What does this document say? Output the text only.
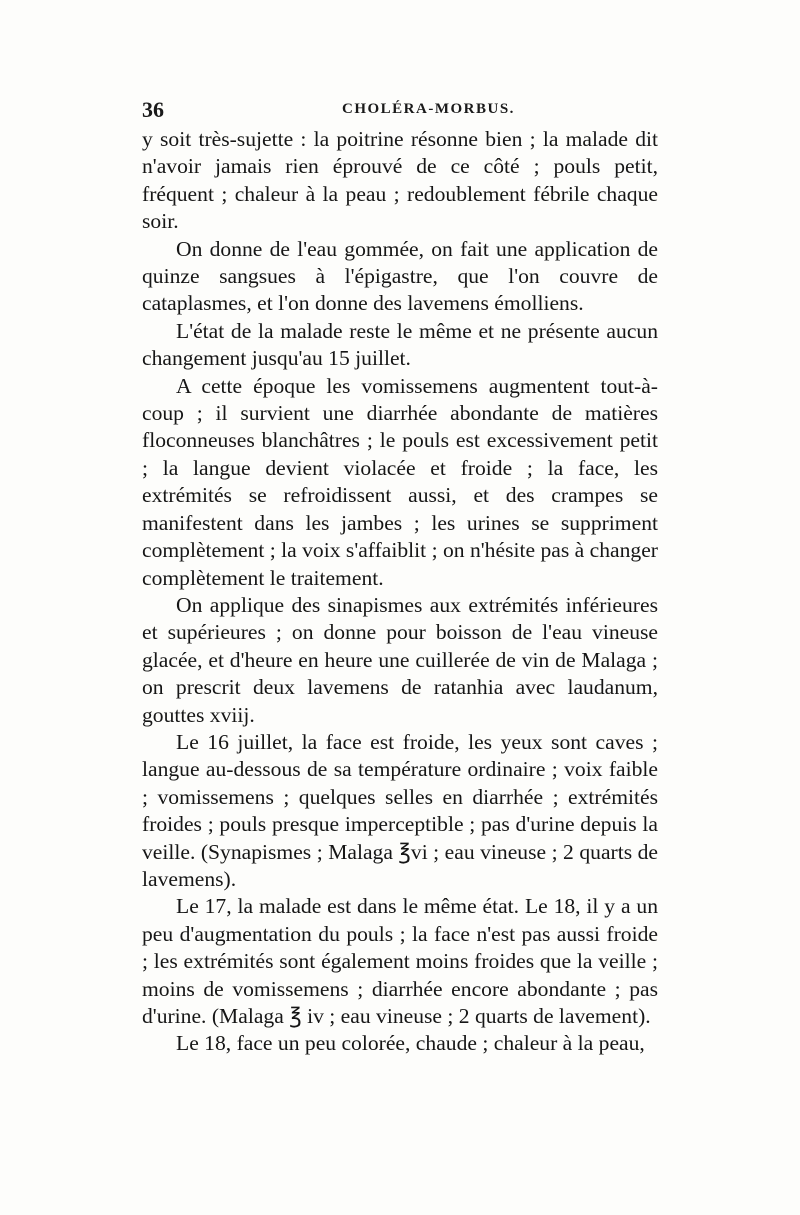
36	CHOLÉRA-MORBUS.

y soit très-sujette : la poitrine résonne bien ; la malade dit n'avoir jamais rien éprouvé de ce côté ; pouls petit, fréquent ; chaleur à la peau ; redoublement fébrile chaque soir.

On donne de l'eau gommée, on fait une application de quinze sangsues à l'épigastre, que l'on couvre de cataplasmes, et l'on donne des lavemens émolliens.

L'état de la malade reste le même et ne présente aucun changement jusqu'au 15 juillet.

A cette époque les vomissemens augmentent tout-à-coup ; il survient une diarrhée abondante de matières floconneuses blanchâtres ; le pouls est excessivement petit ; la langue devient violacée et froide ; la face, les extrémités se refroidissent aussi, et des crampes se manifestent dans les jambes ; les urines se suppriment complètement ; la voix s'affaiblit ; on n'hésite pas à changer complètement le traitement.

On applique des sinapismes aux extrémités inférieures et supérieures ; on donne pour boisson de l'eau vineuse glacée, et d'heure en heure une cuillerée de vin de Malaga ; on prescrit deux lavemens de ratanhia avec laudanum, gouttes xviij.

Le 16 juillet, la face est froide, les yeux sont caves ; langue au-dessous de sa température ordinaire ; voix faible ; vomissemens ; quelques selles en diarrhée ; extrémités froides ; pouls presque imperceptible ; pas d'urine depuis la veille. (Synapismes ; Malaga ℥vi ; eau vineuse ; 2 quarts de lavemens).

Le 17, la malade est dans le même état. Le 18, il y a un peu d'augmentation du pouls ; la face n'est pas aussi froide ; les extrémités sont également moins froides que la veille ; moins de vomissemens ; diarrhée encore abondante ; pas d'urine. (Malaga ℥ iv ; eau vineuse ; 2 quarts de lavement).

Le 18, face un peu colorée, chaude ; chaleur à la peau,
